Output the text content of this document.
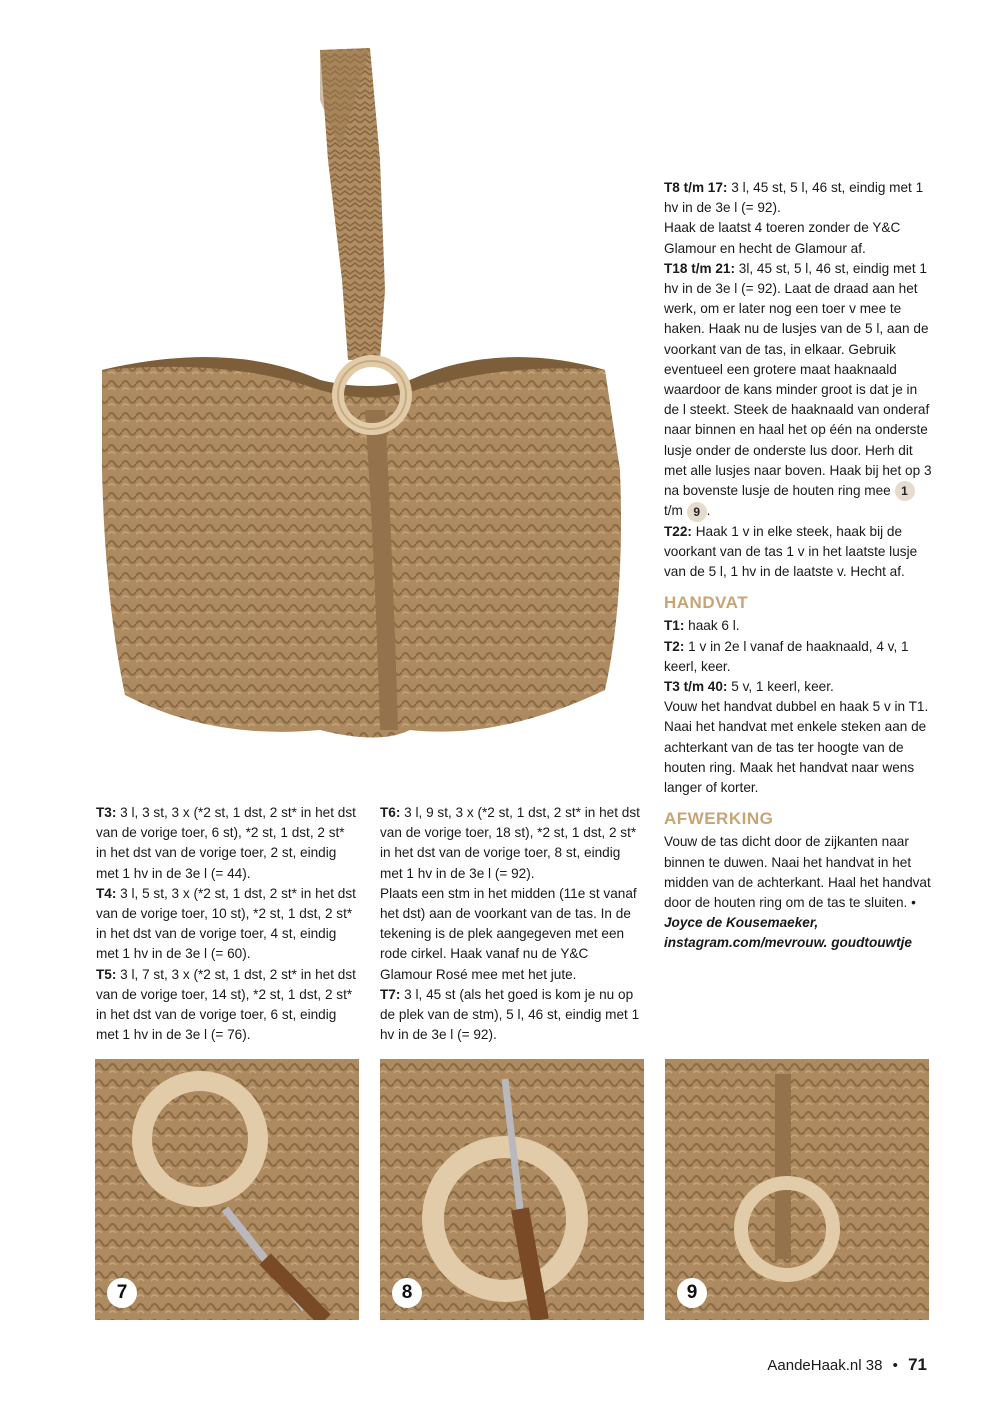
T8 t/m 17: 3 l, 45 st, 5 l, 46 st, eindig met 1 hv in de 3e l (= 92).

Haak de laatst 4 toeren zonder de Y&C Glamour en hecht de Glamour af.

T18 t/m 21: 3l, 45 st, 5 l, 46 st, eindig met 1 hv in de 3e l (= 92). Laat de draad aan het werk, om er later nog een toer v mee te haken. Haak nu de lusjes van de 5 l, aan de voorkant van de tas, in elkaar. Gebruik eventueel een grotere maat haaknaald waardoor de kans minder groot is dat je in de l steekt. Steek de haaknaald van onderaf naar binnen en haal het op één na onderste lusje onder de onderste lus door. Herh dit met alle lusjes naar boven. Haak bij het op 3 na bovenste lusje de houten ring mee 1 t/m 9 .

T22: Haak 1 v in elke steek, haak bij de voorkant van de tas 1 v in het laatste lusje van de 5 l, 1 hv in de laatste v. Hecht af.

HANDVAT

T1: haak 6 l.

T2: 1 v in 2e l vanaf de haaknaald, 4 v, 1 keerl, keer.

T3 t/m 40: 5 v, 1 keerl, keer.

Vouw het handvat dubbel en haak 5 v in T1. Naai het handvat met enkele steken aan de achterkant van de tas ter hoogte van de houten ring. Maak het handvat naar wens langer of korter.

AFWERKING

Vouw de tas dicht door de zijkanten naar binnen te duwen. Naai het handvat in het midden van de achterkant. Haal het handvat door de houten ring om de tas te sluiten. •

Joyce de Kousemaeker, instagram.com/mevrouw. goudtouwtje

T3: 3 l, 3 st, 3 x (*2 st, 1 dst, 2 st* in het dst van de vorige toer, 6 st), *2 st, 1 dst, 2 st* in het dst van de vorige toer, 2 st, eindig met 1 hv in de 3e l (= 44).

T4: 3 l, 5 st, 3 x (*2 st, 1 dst, 2 st* in het dst van de vorige toer, 10 st), *2 st, 1 dst, 2 st* in het dst van de vorige toer, 4 st, eindig met 1 hv in de 3e l (= 60).

T5: 3 l, 7 st, 3 x (*2 st, 1 dst, 2 st* in het dst van de vorige toer, 14 st), *2 st, 1 dst, 2 st* in het dst van de vorige toer, 6 st, eindig met 1 hv in de 3e l (= 76).

T6: 3 l, 9 st, 3 x (*2 st, 1 dst, 2 st* in het dst van de vorige toer, 18 st), *2 st, 1 dst, 2 st* in het dst van de vorige toer, 8 st, eindig met 1 hv in de 3e l (= 92).

Plaats een stm in het midden (11e st vanaf het dst) aan de voorkant van de tas. In de tekening is de plek aangegeven met een rode cirkel. Haak vanaf nu de Y&C Glamour Rosé mee met het jute.

T7: 3 l, 45 st (als het goed is kom je nu op de plek van de stm), 5 l, 46 st, eindig met 1 hv in de 3e l (= 92).

7	8	9
AandeHaak.nl 38 • 71
